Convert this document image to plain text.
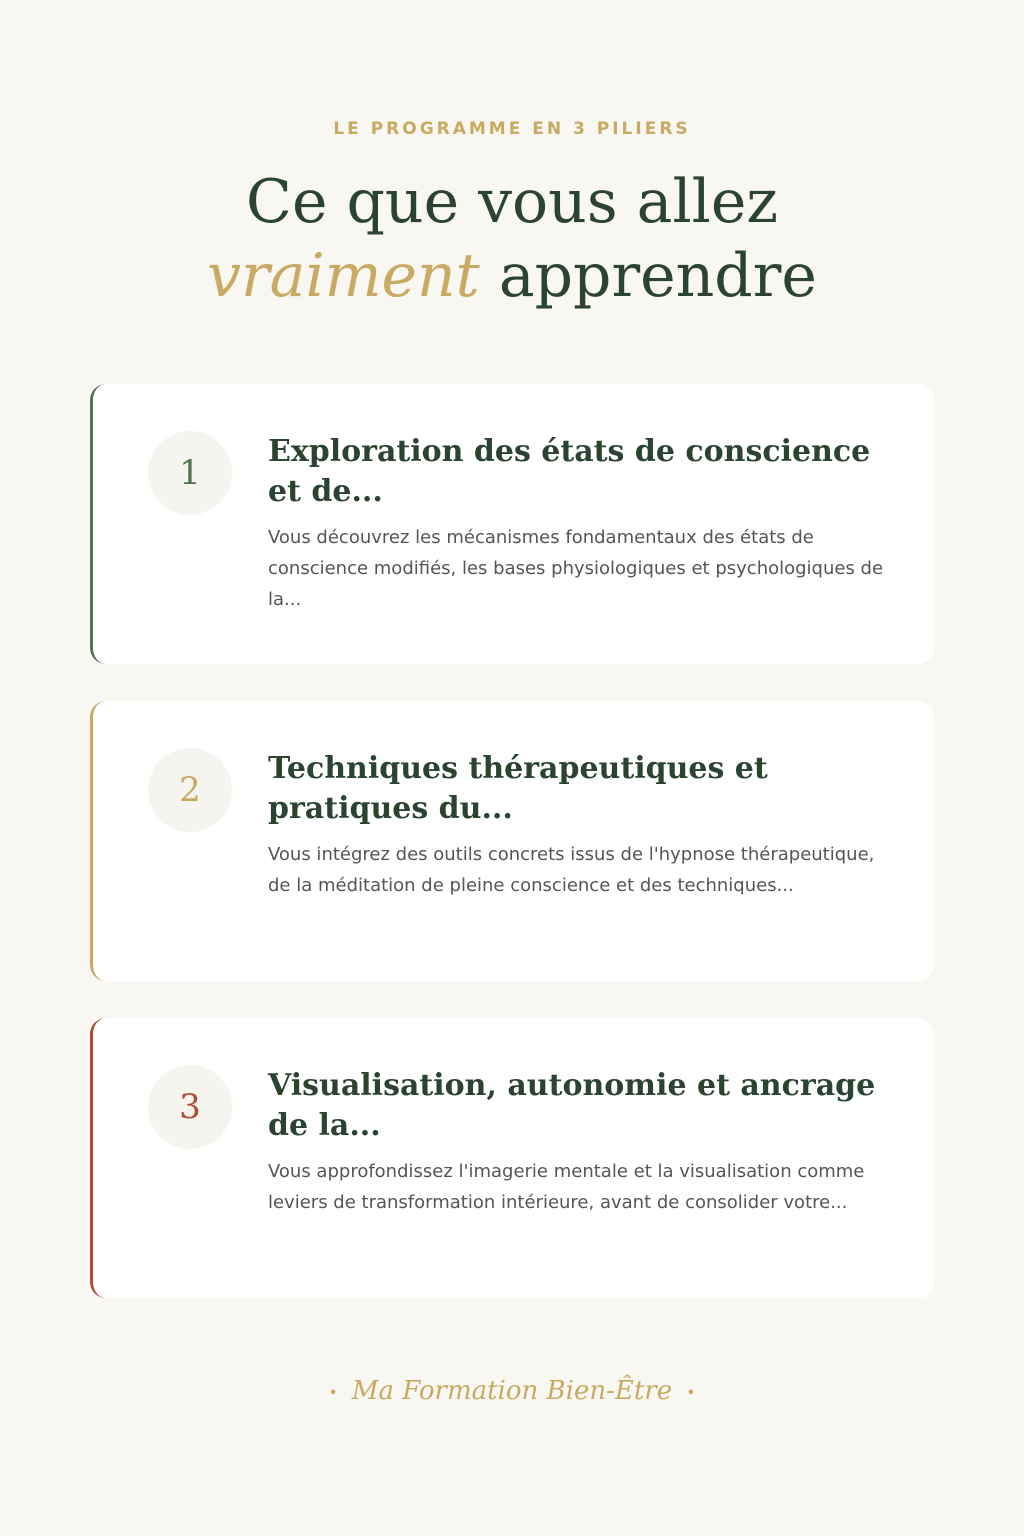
LE PROGRAMME EN 3 PILIERS
Ce que vous allez
vraiment apprendre
1
Exploration des états de conscience et de...

Vous découvrez les mécanismes fondamentaux des états de conscience modifiés, les bases physiologiques et psychologiques de la...

2
Techniques thérapeutiques et pratiques du...

Vous intégrez des outils concrets issus de l'hypnose thérapeutique, de la méditation de pleine conscience et des techniques...

3
Visualisation, autonomie et ancrage de la...

Vous approfondissez l'imagerie mentale et la visualisation comme leviers de transformation intérieure, avant de consolider votre...

• Ma Formation Bien-Être •
